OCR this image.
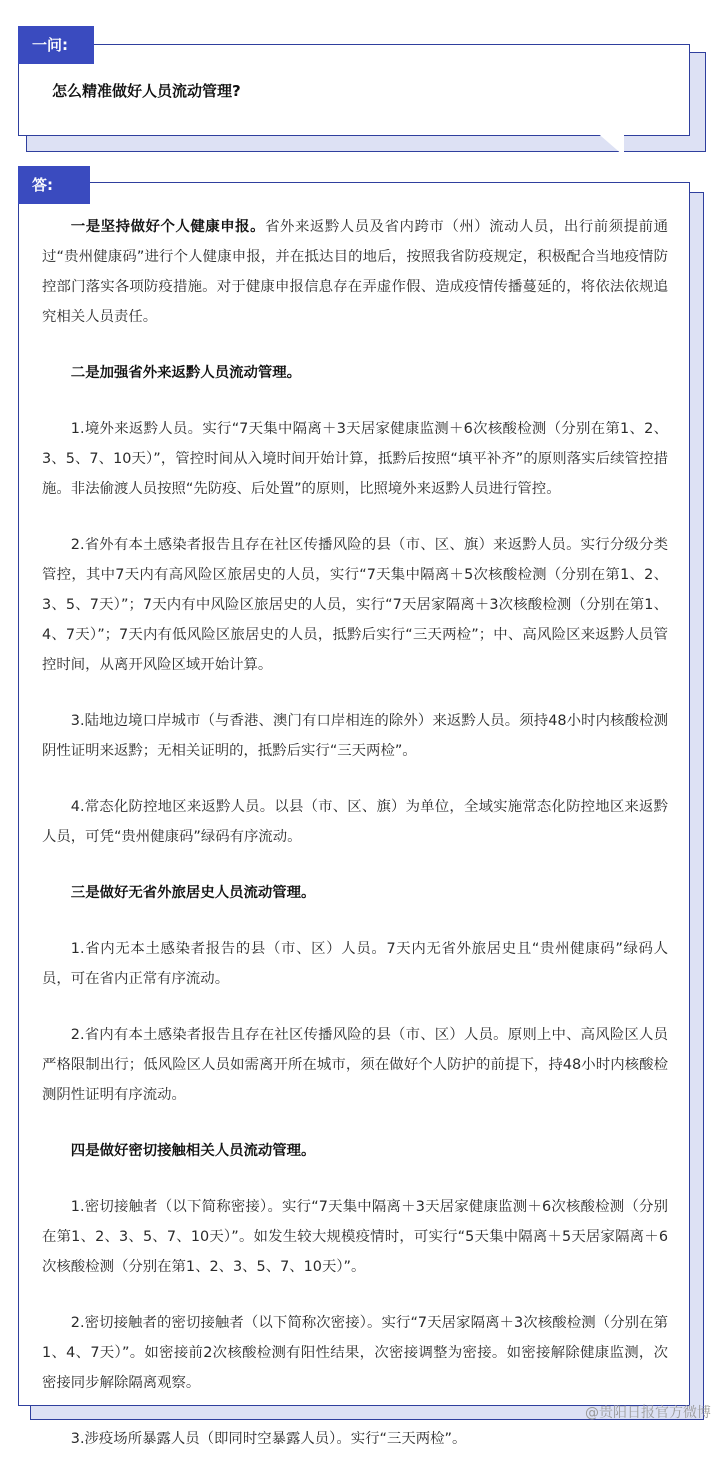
一问:
怎么精准做好人员流动管理?
答:

一是坚持做好个人健康申报。省外来返黔人员及省内跨市（州）流动人员，出行前须提前通过“贵州健康码”进行个人健康申报，并在抵达目的地后，按照我省防疫规定，积极配合当地疫情防控部门落实各项防疫措施。对于健康申报信息存在弄虚作假、造成疫情传播蔓延的，将依法依规追究相关人员责任。

二是加强省外来返黔人员流动管理。

1.境外来返黔人员。实行“7天集中隔离＋3天居家健康监测＋6次核酸检测（分别在第1、2、3、5、7、10天）”，管控时间从入境时间开始计算，抵黔后按照“填平补齐”的原则落实后续管控措施。非法偷渡人员按照“先防疫、后处置”的原则，比照境外来返黔人员进行管控。

2.省外有本土感染者报告且存在社区传播风险的县（市、区、旗）来返黔人员。实行分级分类管控，其中7天内有高风险区旅居史的人员，实行“7天集中隔离＋5次核酸检测（分别在第1、2、3、5、7天）”；7天内有中风险区旅居史的人员，实行“7天居家隔离＋3次核酸检测（分别在第1、4、7天）”；7天内有低风险区旅居史的人员，抵黔后实行“三天两检”；中、高风险区来返黔人员管控时间，从离开风险区域开始计算。

3.陆地边境口岸城市（与香港、澳门有口岸相连的除外）来返黔人员。须持48小时内核酸检测阴性证明来返黔；无相关证明的，抵黔后实行“三天两检”。

4.常态化防控地区来返黔人员。以县（市、区、旗）为单位，全域实施常态化防控地区来返黔人员，可凭“贵州健康码”绿码有序流动。

三是做好无省外旅居史人员流动管理。

1.省内无本土感染者报告的县（市、区）人员。7天内无省外旅居史且“贵州健康码”绿码人员，可在省内正常有序流动。

2.省内有本土感染者报告且存在社区传播风险的县（市、区）人员。原则上中、高风险区人员严格限制出行；低风险区人员如需离开所在城市，须在做好个人防护的前提下，持48小时内核酸检测阴性证明有序流动。

四是做好密切接触相关人员流动管理。

1.密切接触者（以下简称密接）。实行“7天集中隔离＋3天居家健康监测＋6次核酸检测（分别在第1、2、3、5、7、10天）”。如发生较大规模疫情时，可实行“5天集中隔离＋5天居家隔离＋6次核酸检测（分别在第1、2、3、5、7、10天）”。

2.密切接触者的密切接触者（以下简称次密接）。实行“7天居家隔离＋3次核酸检测（分别在第1、4、7天）”。如密接前2次核酸检测有阳性结果，次密接调整为密接。如密接解除健康监测，次密接同步解除隔离观察。

3.涉疫场所暴露人员（即同时空暴露人员）。实行“三天两检”。

@贵阳日报官方微博
